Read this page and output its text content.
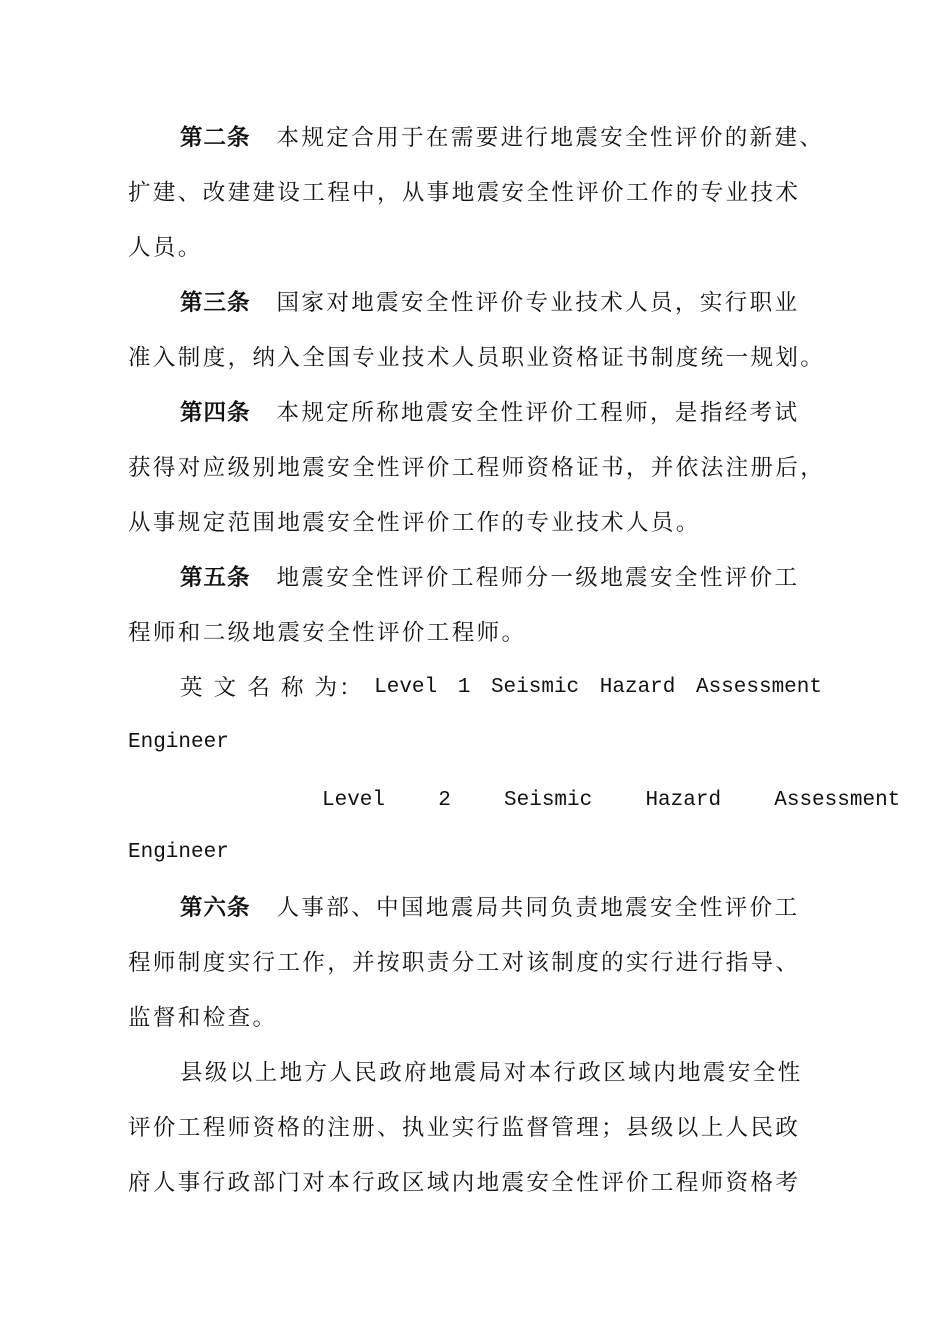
第二条 本规定合用于在需要进行地震安全性评价的新建、
扩建、改建建设工程中，从事地震安全性评价工作的专业技术
人员。
第三条 国家对地震安全性评价专业技术人员，实行职业
准入制度，纳入全国专业技术人员职业资格证书制度统一规划。
第四条 本规定所称地震安全性评价工程师，是指经考试
获得对应级别地震安全性评价工程师资格证书，并依法注册后，
从事规定范围地震安全性评价工作的专业技术人员。
第五条 地震安全性评价工程师分一级地震安全性评价工
程师和二级地震安全性评价工程师。
英 文 名 称 为： Level 1 Seismic Hazard Assessment
Engineer
Level  2  Seismic  Hazard  Assessment
Engineer
第六条 人事部、中国地震局共同负责地震安全性评价工
程师制度实行工作，并按职责分工对该制度的实行进行指导、
监督和检查。
县级以上地方人民政府地震局对本行政区域内地震安全性
评价工程师资格的注册、执业实行监督管理；县级以上人民政
府人事行政部门对本行政区域内地震安全性评价工程师资格考
